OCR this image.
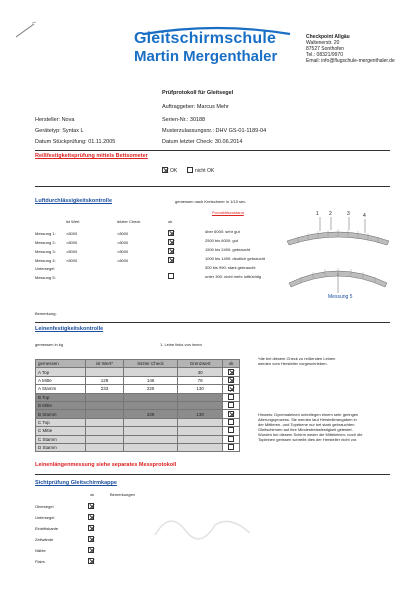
Gleitschirmschule
Martin Mergenthaler
Checkpoint Allgäu
Waltenerstr. 20
87527 Sonthofen
Tel.: 08321/9970
Email: info@flugschule-mergenthaler.de
Prüfprotokoll für Gleitsegel
Auftraggeber: Marcus Mehr
Hersteller: Nova
Gerätetyp: Syntax L
Datum Stückprüfung: 01.11.2005
Serien-Nr.: 30188
Musterzulassungsnr.: DHV GS-01-1189-04
Datum letzter Check: 30.06.2014
Reißfestigkeitsprüfung mittels Bettsometer
OK	nicht OK
Luftdurchlässigkeitskontrolle	gemessen nach Kretschmer in 1/10 sec.
ist Wert	letzter Check	ok
Messung 1:	>8000	>8000
Messung 2:	>8000	>8000
Messung 3:	>8000	>8000
Messung 4:	>8000	>8000
Untersegel
Messung 5:
Porositätszustand
über 6000: sehr gut
2500 bis 6000: gut
1500 bis 2490: gebraucht
1000 bis 1490: deutlich gebraucht
300 bis 990: stark gebraucht
unter 300: nicht mehr lufttüchtig
1 2	3	4
Messung 5
Bemerkung:
Leinenfestigkeitskontrolle
gemessen in kg	1. Leine links von innen
gemessen	ist Wert*	letzter Check	Grenzwert	ok
A Top			30	
A Mitte	128	146	78	
A Stamm	233	225	130	
B Top				
B Mitte				
B Stamm		228	130	
C Top				
C Mitte				
C Stamm				
D Stamm				
*die bei diesem Check zu reißenden Leinen
werden vom Hersteller vorgeschrieben.
Hinweis: Dynemaleinen unterliegen einem sehr geringen
Alterungsprozess. Sie werden laut Herstellerangaben in
der Mittleren- und Topebene nur bei stark gebrauchten
Gleitschirmen auf ihre Mindestreissfestigkeit getestet.
Wurden bei diesem Schirm weder die Mitteleinen- noch die
Topleinen gerissen schreibt dies der Hersteller nicht vor.
Leinenlängenmessung siehe separates Messprotokoll
Sichtprüfung Gleitschirmkappe
ok	Bemerkungen
Obersegel
Untersegel
Eintrittskante
Zellwände
Nähte
Flairs
